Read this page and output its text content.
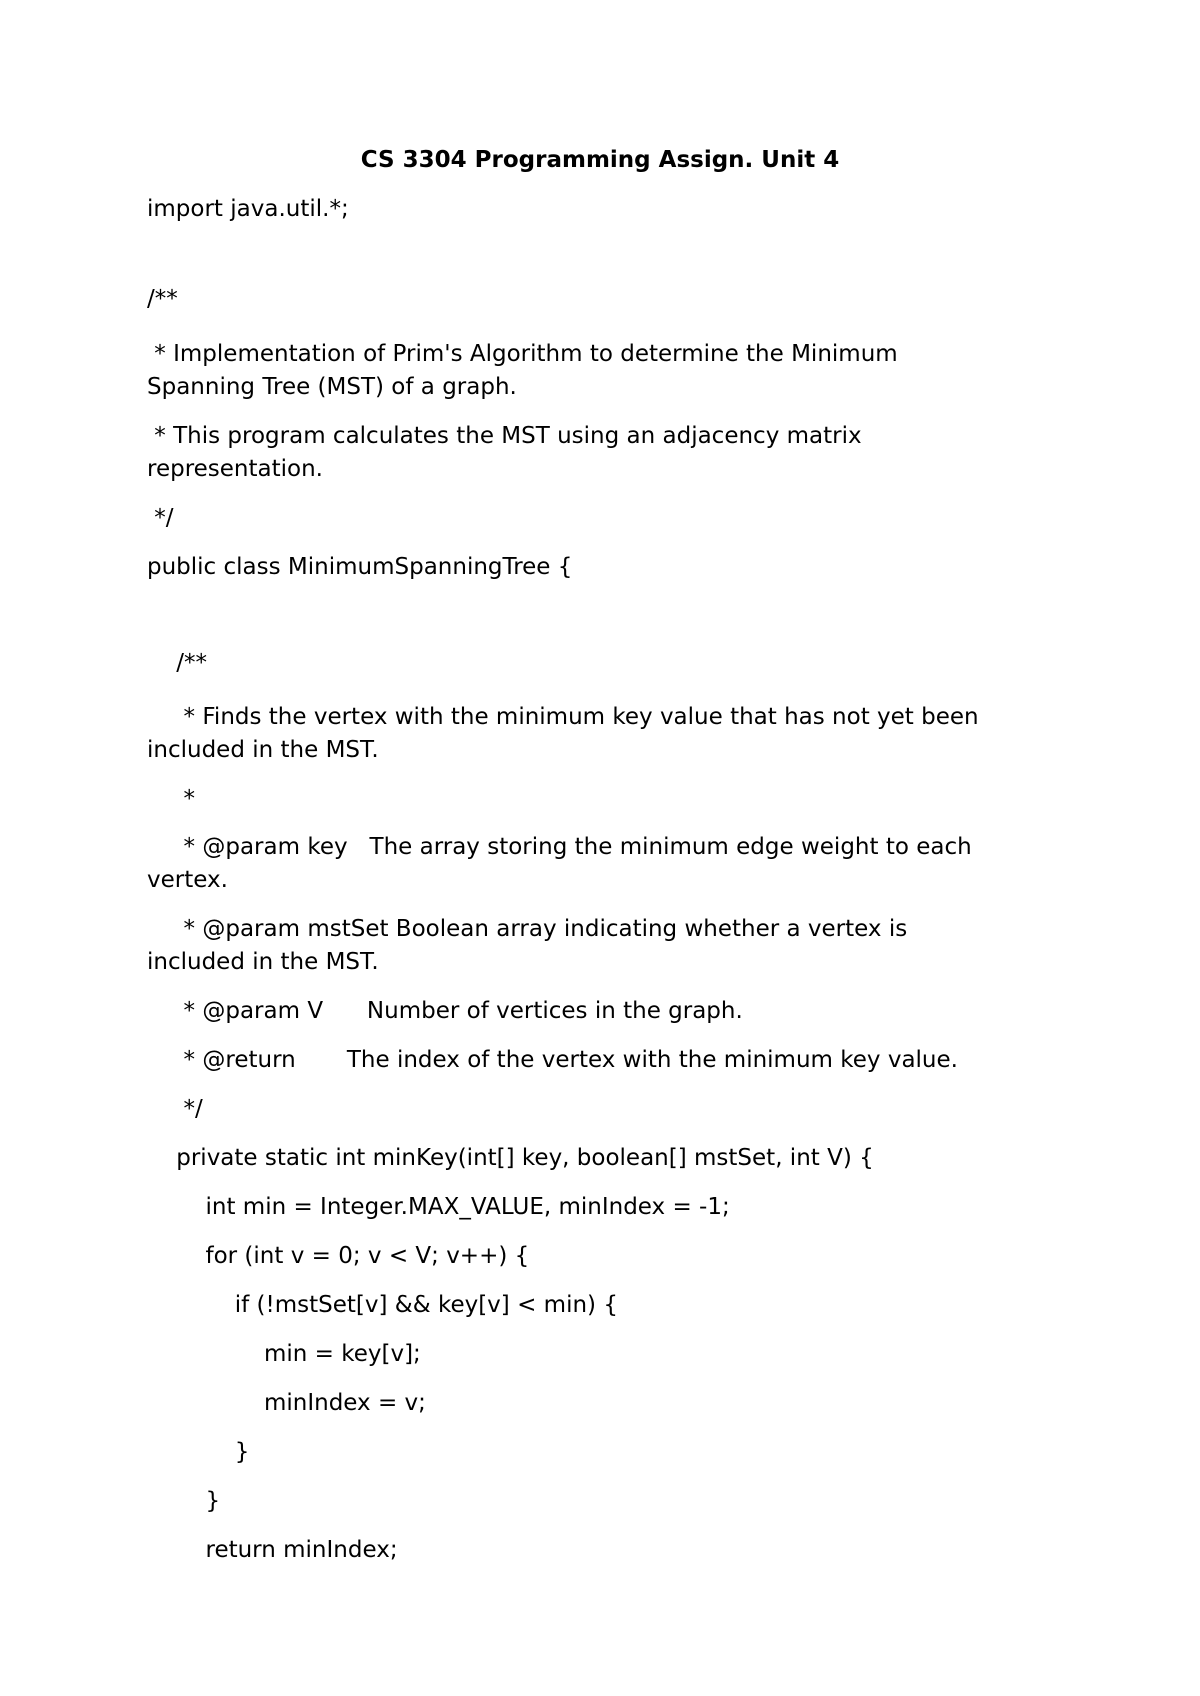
CS 3304 Programming Assign. Unit 4
import java.util.*;
/**
* Implementation of Prim's Algorithm to determine the Minimum
Spanning Tree (MST) of a graph.
* This program calculates the MST using an adjacency matrix
representation.
*/
public class MinimumSpanningTree {
/**
* Finds the vertex with the minimum key value that has not yet been
included in the MST.
*
* @param key   The array storing the minimum edge weight to each
vertex.
* @param mstSet Boolean array indicating whether a vertex is
included in the MST.
* @param V      Number of vertices in the graph.
* @return       The index of the vertex with the minimum key value.
*/
private static int minKey(int[] key, boolean[] mstSet, int V) {
int min = Integer.MAX_VALUE, minIndex = -1;
for (int v = 0; v < V; v++) {
if (!mstSet[v] && key[v] < min) {
min = key[v];
minIndex = v;
}
}
return minIndex;
